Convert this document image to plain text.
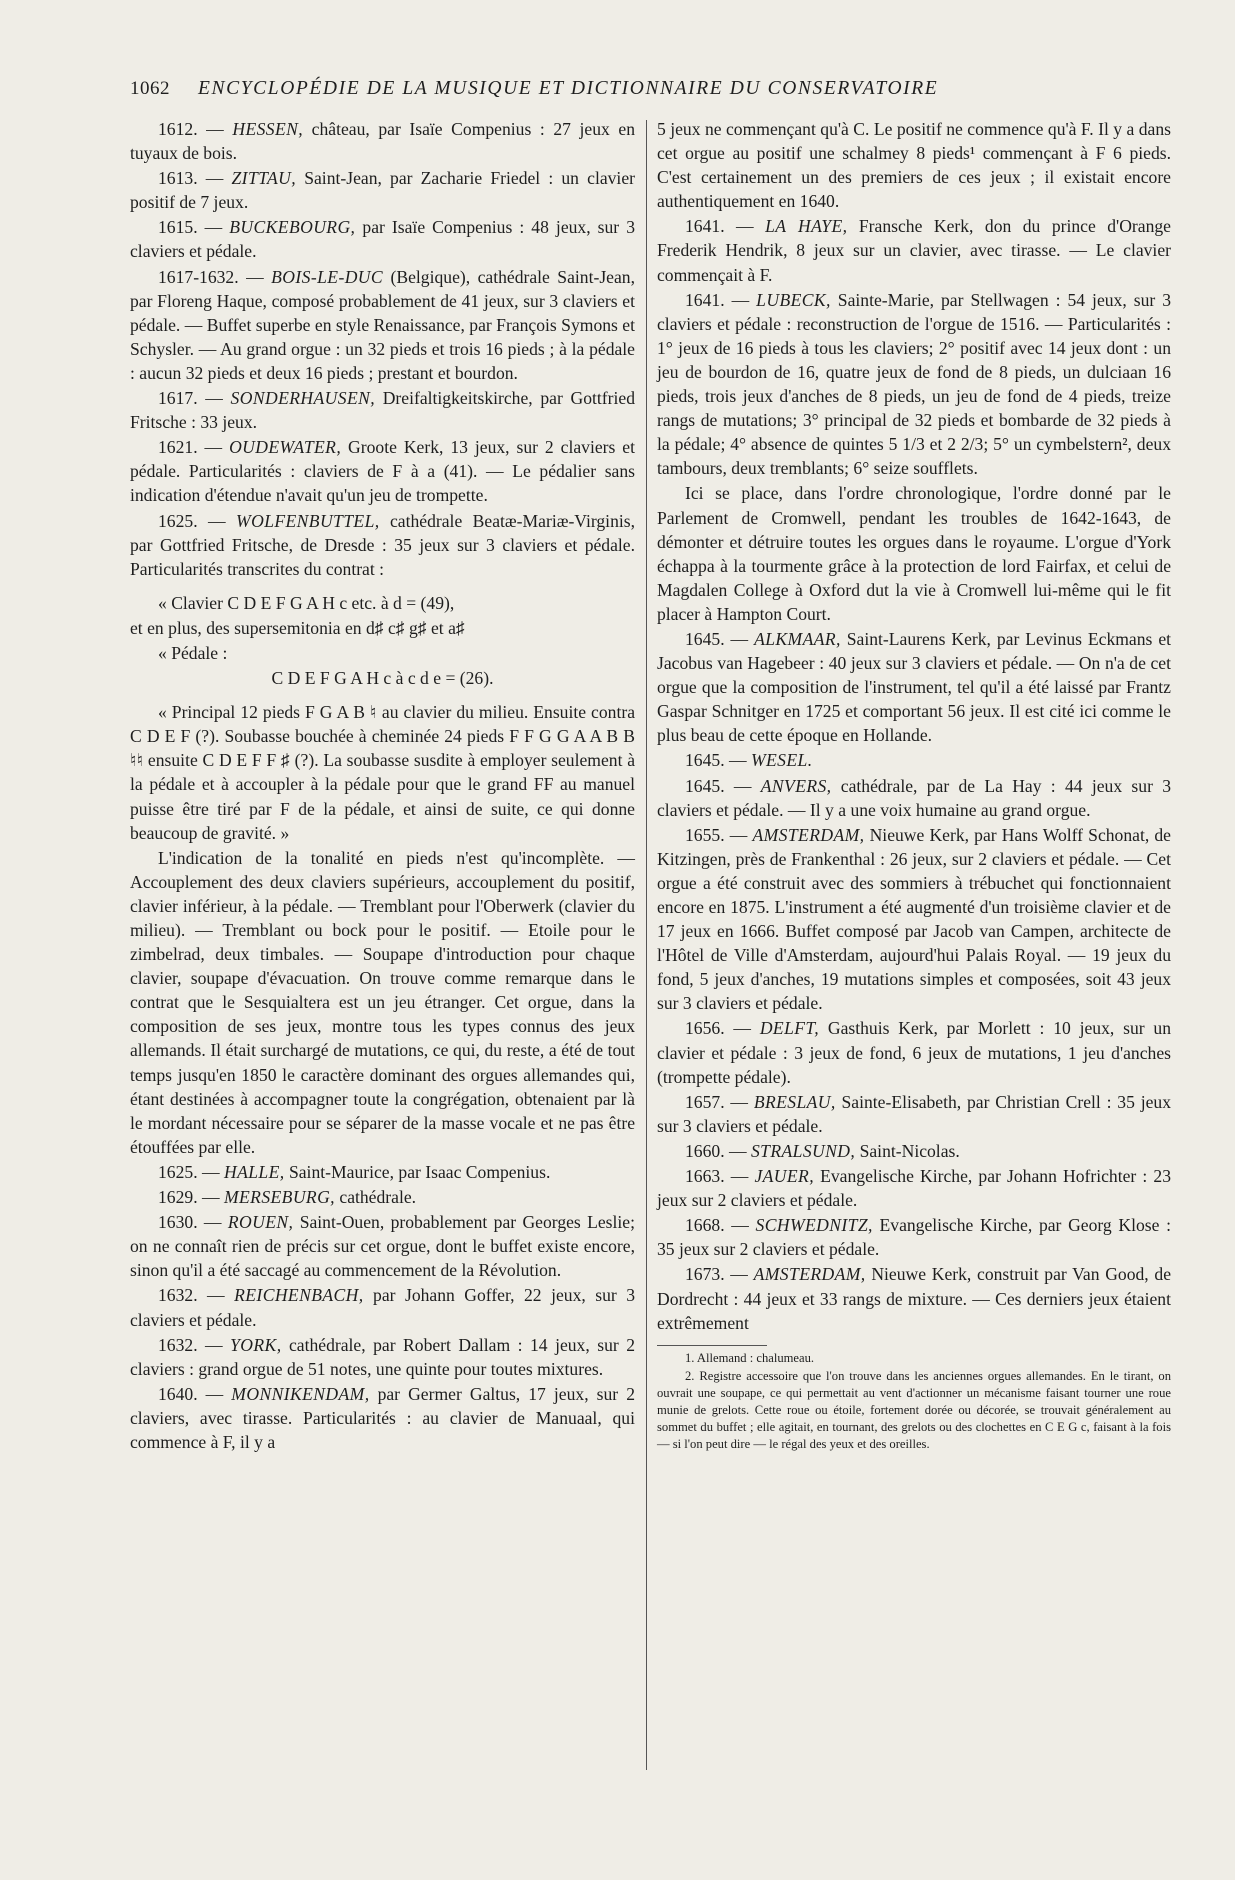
1062 ENCYCLOPÉDIE DE LA MUSIQUE ET DICTIONNAIRE DU CONSERVATOIRE

1612. — HESSEN, château, par Isaïe Compenius : 27 jeux en tuyaux de bois.

1613. — ZITTAU, Saint-Jean, par Zacharie Friedel : un clavier positif de 7 jeux.

1615. — BUCKEBOURG, par Isaïe Compenius : 48 jeux, sur 3 claviers et pédale.

1617-1632. — BOIS-LE-DUC (Belgique), cathédrale Saint-Jean, par Floreng Haque, composé probablement de 41 jeux, sur 3 claviers et pédale. — Buffet superbe en style Renaissance, par François Symons et Schysler. — Au grand orgue : un 32 pieds et trois 16 pieds ; à la pédale : aucun 32 pieds et deux 16 pieds ; prestant et bourdon.

1617. — SONDERHAUSEN, Dreifaltigkeitskirche, par Gottfried Fritsche : 33 jeux.

1621. — OUDEWATER, Groote Kerk, 13 jeux, sur 2 claviers et pédale. Particularités : claviers de F à a (41). — Le pédalier sans indication d'étendue n'avait qu'un jeu de trompette.

1625. — WOLFENBUTTEL, cathédrale Beatæ-Mariæ-Virginis, par Gottfried Fritsche, de Dresde : 35 jeux sur 3 claviers et pédale. Particularités transcrites du contrat :

« Clavier C D E F G A H c etc. à d = (49),

et en plus, des supersemitonia en d♯ c♯ g♯ et a♯

« Pédale :

C D E F G A H c à c d e = (26).

« Principal 12 pieds F G A B ♮ au clavier du milieu. Ensuite contra C D E F (?). Soubasse bouchée à cheminée 24 pieds F F G G A A B B ♮♮ ensuite C D E F F ♯ (?). La soubasse susdite à employer seulement à la pédale et à accoupler à la pédale pour que le grand FF au manuel puisse être tiré par F de la pédale, et ainsi de suite, ce qui donne beaucoup de gravité. »

L'indication de la tonalité en pieds n'est qu'incomplète. — Accouplement des deux claviers supérieurs, accouplement du positif, clavier inférieur, à la pédale. — Tremblant pour l'Oberwerk (clavier du milieu). — Tremblant ou bock pour le positif. — Etoile pour le zimbelrad, deux timbales. — Soupape d'introduction pour chaque clavier, soupape d'évacuation. On trouve comme remarque dans le contrat que le Sesquialtera est un jeu étranger. Cet orgue, dans la composition de ses jeux, montre tous les types connus des jeux allemands. Il était surchargé de mutations, ce qui, du reste, a été de tout temps jusqu'en 1850 le caractère dominant des orgues allemandes qui, étant destinées à accompagner toute la congrégation, obtenaient par là le mordant nécessaire pour se séparer de la masse vocale et ne pas être étouffées par elle.

1625. — HALLE, Saint-Maurice, par Isaac Compenius.

1629. — MERSEBURG, cathédrale.

1630. — ROUEN, Saint-Ouen, probablement par Georges Leslie; on ne connaît rien de précis sur cet orgue, dont le buffet existe encore, sinon qu'il a été saccagé au commencement de la Révolution.

1632. — REICHENBACH, par Johann Goffer, 22 jeux, sur 3 claviers et pédale.

1632. — YORK, cathédrale, par Robert Dallam : 14 jeux, sur 2 claviers : grand orgue de 51 notes, une quinte pour toutes mixtures.

1640. — MONNIKENDAM, par Germer Galtus, 17 jeux, sur 2 claviers, avec tirasse. Particularités : au clavier de Manuaal, qui commence à F, il y a

5 jeux ne commençant qu'à C. Le positif ne commence qu'à F. Il y a dans cet orgue au positif une schalmey 8 pieds¹ commençant à F 6 pieds. C'est certainement un des premiers de ces jeux ; il existait encore authentiquement en 1640.

1641. — LA HAYE, Fransche Kerk, don du prince d'Orange Frederik Hendrik, 8 jeux sur un clavier, avec tirasse. — Le clavier commençait à F.

1641. — LUBECK, Sainte-Marie, par Stellwagen : 54 jeux, sur 3 claviers et pédale : reconstruction de l'orgue de 1516. — Particularités : 1° jeux de 16 pieds à tous les claviers; 2° positif avec 14 jeux dont : un jeu de bourdon de 16, quatre jeux de fond de 8 pieds, un dulciaan 16 pieds, trois jeux d'anches de 8 pieds, un jeu de fond de 4 pieds, treize rangs de mutations; 3° principal de 32 pieds et bombarde de 32 pieds à la pédale; 4° absence de quintes 5 1/3 et 2 2/3; 5° un cymbelstern², deux tambours, deux tremblants; 6° seize soufflets.

Ici se place, dans l'ordre chronologique, l'ordre donné par le Parlement de Cromwell, pendant les troubles de 1642-1643, de démonter et détruire toutes les orgues dans le royaume. L'orgue d'York échappa à la tourmente grâce à la protection de lord Fairfax, et celui de Magdalen College à Oxford dut la vie à Cromwell lui-même qui le fit placer à Hampton Court.

1645. — ALKMAAR, Saint-Laurens Kerk, par Levinus Eckmans et Jacobus van Hagebeer : 40 jeux sur 3 claviers et pédale. — On n'a de cet orgue que la composition de l'instrument, tel qu'il a été laissé par Frantz Gaspar Schnitger en 1725 et comportant 56 jeux. Il est cité ici comme le plus beau de cette époque en Hollande.

1645. — WESEL.

1645. — ANVERS, cathédrale, par de La Hay : 44 jeux sur 3 claviers et pédale. — Il y a une voix humaine au grand orgue.

1655. — AMSTERDAM, Nieuwe Kerk, par Hans Wolff Schonat, de Kitzingen, près de Frankenthal : 26 jeux, sur 2 claviers et pédale. — Cet orgue a été construit avec des sommiers à trébuchet qui fonctionnaient encore en 1875. L'instrument a été augmenté d'un troisième clavier et de 17 jeux en 1666. Buffet composé par Jacob van Campen, architecte de l'Hôtel de Ville d'Amsterdam, aujourd'hui Palais Royal. — 19 jeux du fond, 5 jeux d'anches, 19 mutations simples et composées, soit 43 jeux sur 3 claviers et pédale.

1656. — DELFT, Gasthuis Kerk, par Morlett : 10 jeux, sur un clavier et pédale : 3 jeux de fond, 6 jeux de mutations, 1 jeu d'anches (trompette pédale).

1657. — BRESLAU, Sainte-Elisabeth, par Christian Crell : 35 jeux sur 3 claviers et pédale.

1660. — STRALSUND, Saint-Nicolas.

1663. — JAUER, Evangelische Kirche, par Johann Hofrichter : 23 jeux sur 2 claviers et pédale.

1668. — SCHWEDNITZ, Evangelische Kirche, par Georg Klose : 35 jeux sur 2 claviers et pédale.

1673. — AMSTERDAM, Nieuwe Kerk, construit par Van Good, de Dordrecht : 44 jeux et 33 rangs de mixture. — Ces derniers jeux étaient extrêmement

1. Allemand : chalumeau.

2. Registre accessoire que l'on trouve dans les anciennes orgues allemandes. En le tirant, on ouvrait une soupape, ce qui permettait au vent d'actionner un mécanisme faisant tourner une roue munie de grelots. Cette roue ou étoile, fortement dorée ou décorée, se trouvait généralement au sommet du buffet ; elle agitait, en tournant, des grelots ou des clochettes en C E G c, faisant à la fois — si l'on peut dire — le régal des yeux et des oreilles.
